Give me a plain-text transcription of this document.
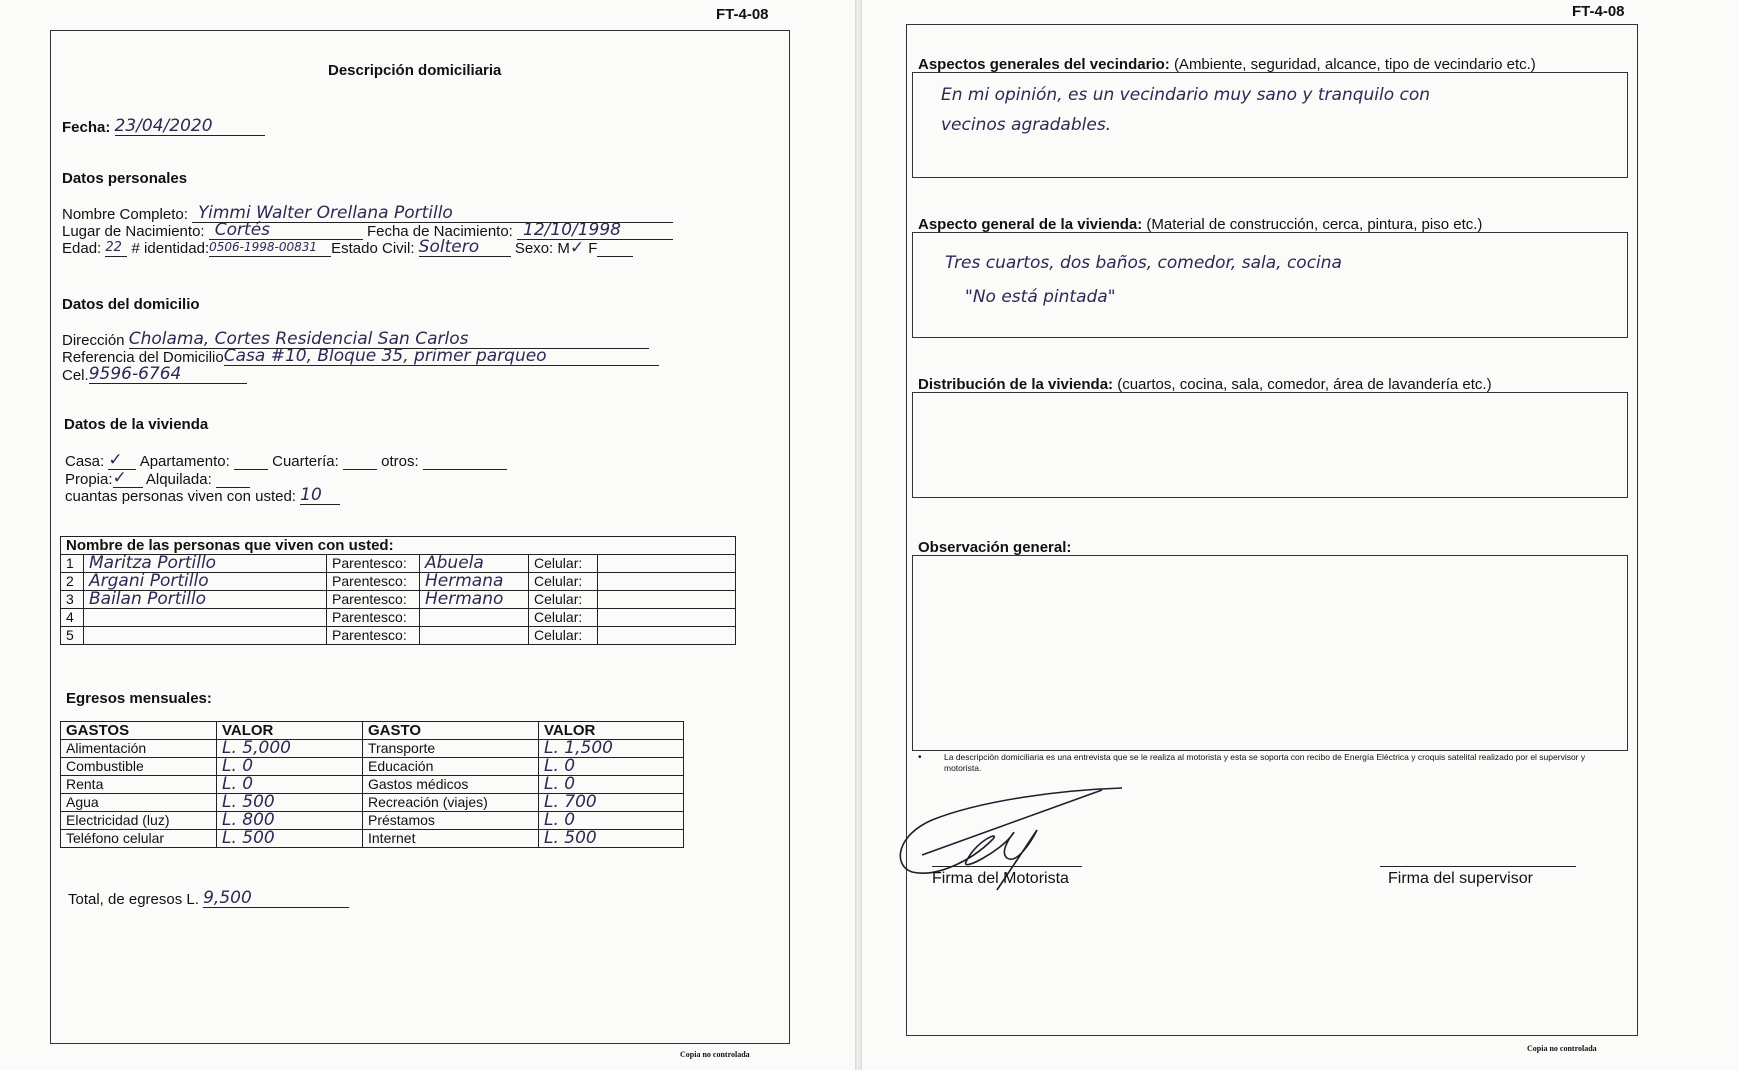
FT-4-08
Descripción domiciliaria
Fecha: 23/04/2020
Datos personales
Nombre Completo: Yimmi Walter Orellana Portillo
Lugar de Nacimiento: Cortés	Fecha de Nacimiento: 12/10/1998
Edad: 22 # identidad:0506-1998-00831 Estado Civil: Soltero Sexo: M✓ F
Datos del domicilio
Dirección Cholama, Cortes Residencial San Carlos
Referencia del DomicilioCasa #10, Bloque 35, primer parqueo
Cel.9596-6764
Datos de la vivienda
Casa: ✓ Apartamento:	Cuartería:	otros:
Propia:✓ Alquilada:
cuantas personas viven con usted: 10
Nombre de las personas que viven con usted:					
1	Maritza Portillo	Parentesco:	Abuela	Celular:	
2	Argani Portillo	Parentesco:	Hermana	Celular:	
3	Bailan Portillo	Parentesco:	Hermano	Celular:	
4		Parentesco:		Celular:	
5		Parentesco:		Celular:	
Egresos mensuales:
GASTOS	VALOR	GASTO	VALOR
Alimentación	L. 5,000	Transporte	L. 1,500
Combustible	L. 0	Educación	L. 0
Renta	L. 0	Gastos médicos	L. 0
Agua	L. 500	Recreación (viajes)	L. 700
Electricidad (luz)	L. 800	Préstamos	L. 0
Teléfono celular	L. 500	Internet	L. 500
Total, de egresos L. 9,500
Copia no controlada
FT-4-08
Aspectos generales del vecindario: (Ambiente, seguridad, alcance, tipo de vecindario etc.)
En mi opinión, es un vecindario muy sano y tranquilo con
vecinos agradables.
Aspecto general de la vivienda: (Material de construcción, cerca, pintura, piso etc.)
Tres cuartos, dos baños, comedor, sala, cocina
"No está pintada"
Distribución de la vivienda: (cuartos, cocina, sala, comedor, área de lavandería etc.)
Observación general:
•	La descripción domiciliaria es una entrevista que se le realiza al motorista y esta se soporta con recibo de Energía Eléctrica y croquis satelital realizado por el supervisor y motorista.
Firma del Motorista	Firma del supervisor
Copia no controlada
